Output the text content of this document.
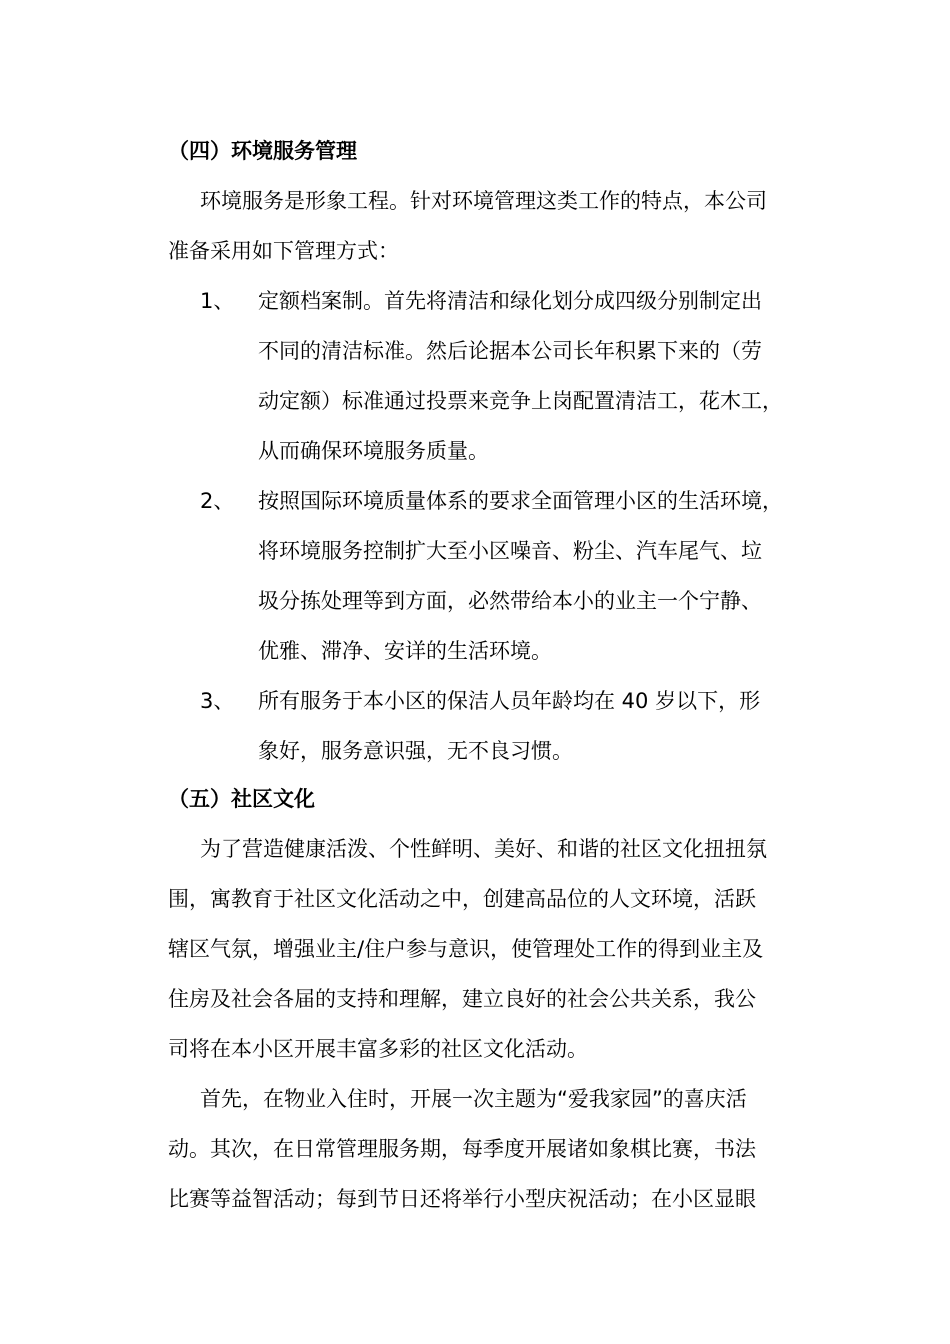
（四）环境服务管理
环境服务是形象工程。针对环境管理这类工作的特点，本公司
准备采用如下管理方式：
1、 定额档案制。首先将清洁和绿化划分成四级分别制定出
不同的清洁标准。然后论据本公司长年积累下来的（劳
动定额）标准通过投票来竞争上岗配置清洁工，花木工，
从而确保环境服务质量。
2、 按照国际环境质量体系的要求全面管理小区的生活环境，
将环境服务控制扩大至小区噪音、粉尘、汽车尾气、垃
圾分拣处理等到方面，必然带给本小的业主一个宁静、
优雅、滞净、安详的生活环境。
3、 所有服务于本小区的保洁人员年龄均在 40 岁以下，形
象好，服务意识强，无不良习惯。
（五）社区文化
为了营造健康活泼、个性鲜明、美好、和谐的社区文化扭扭氛
围，寓教育于社区文化活动之中，创建高品位的人文环境，活跃
辖区气氛，增强业主/住户参与意识，使管理处工作的得到业主及
住房及社会各届的支持和理解，建立良好的社会公共关系，我公
司将在本小区开展丰富多彩的社区文化活动。
首先，在物业入住时，开展一次主题为“爱我家园”的喜庆活
动。其次，在日常管理服务期，每季度开展诸如象棋比赛，书法
比赛等益智活动；每到节日还将举行小型庆祝活动；在小区显眼
